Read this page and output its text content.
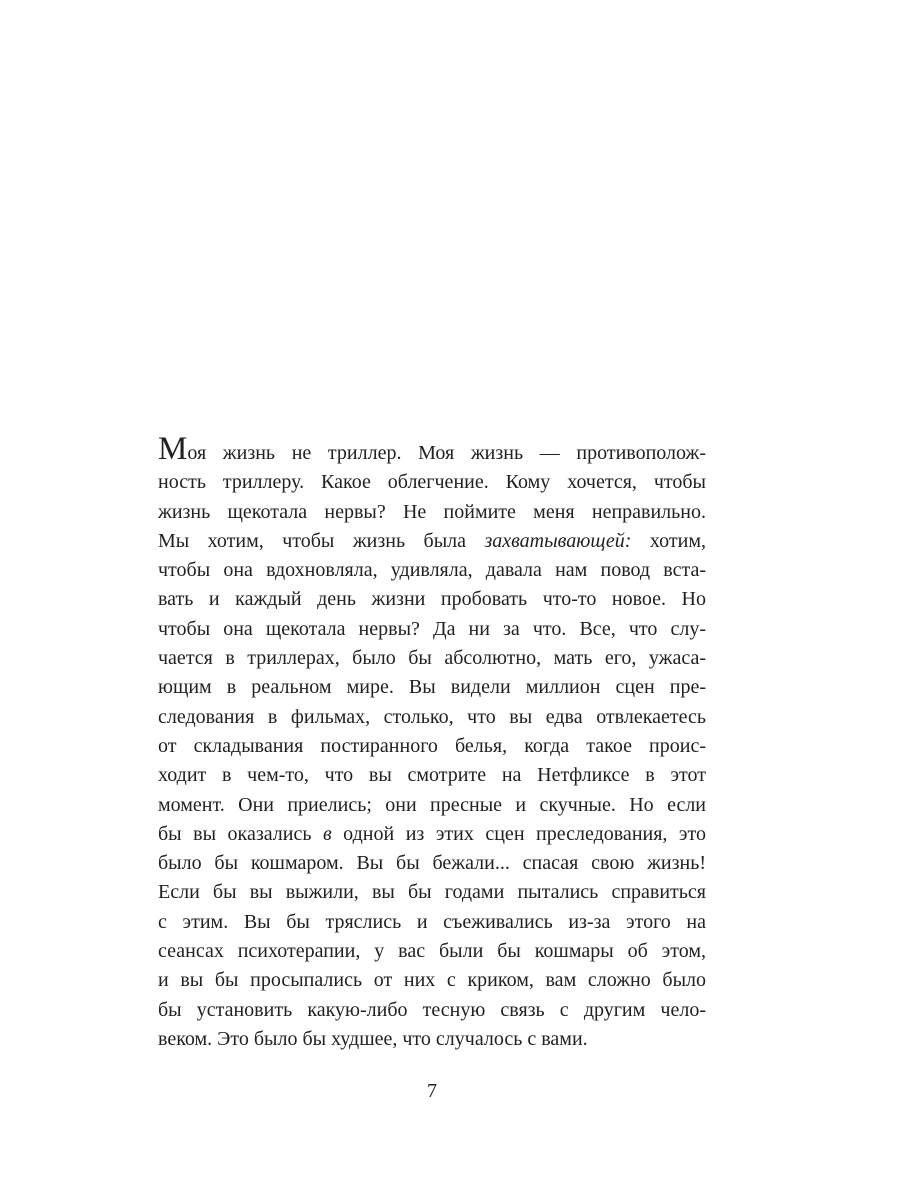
Моя жизнь не триллер. Моя жизнь — противополож-
ность триллеру. Какое облегчение. Кому хочется, чтобы
жизнь щекотала нервы? Не поймите меня неправильно.
Мы хотим, чтобы жизнь была захватывающей: хотим,
чтобы она вдохновляла, удивляла, давала нам повод вста-
вать и каждый день жизни пробовать что-то новое. Но
чтобы она щекотала нервы? Да ни за что. Все, что слу-
чается в триллерах, было бы абсолютно, мать его, ужаса-
ющим в реальном мире. Вы видели миллион сцен пре-
следования в фильмах, столько, что вы едва отвлекаетесь
от складывания постиранного белья, когда такое проис-
ходит в чем-то, что вы смотрите на Нетфликсе в этот
момент. Они приелись; они пресные и скучные. Но если
бы вы оказались в одной из этих сцен преследования, это
было бы кошмаром. Вы бы бежали... спасая свою жизнь!
Если бы вы выжили, вы бы годами пытались справиться
с этим. Вы бы тряслись и съеживались из-за этого на
сеансах психотерапии, у вас были бы кошмары об этом,
и вы бы просыпались от них с криком, вам сложно было
бы установить какую-либо тесную связь с другим чело-
веком. Это было бы худшее, что случалось с вами.
7
